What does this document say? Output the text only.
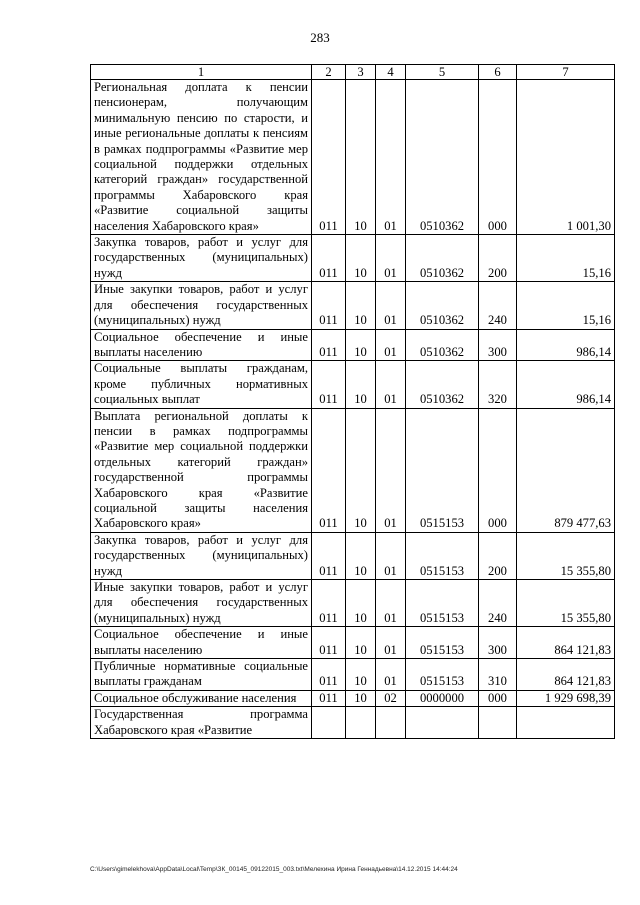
283
1	2	3	4	5	6	7
Региональная доплата к пенсии пенсионерам, получающим минимальную пенсию по старости, и иные региональные доплаты к пенсиям в рамках подпрограммы «Развитие мер социальной поддержки отдельных категорий граждан» государственной программы Хабаровского края «Развитие социальной защиты населения Хабаровского края»	011	10	01	0510362	000	1 001,30
Закупка товаров, работ и услуг для государственных (муниципальных) нужд	011	10	01	0510362	200	15,16
Иные закупки товаров, работ и услуг для обеспечения государственных (муниципальных) нужд	011	10	01	0510362	240	15,16
Социальное обеспечение и иные выплаты населению	011	10	01	0510362	300	986,14
Социальные выплаты гражданам, кроме публичных нормативных социальных выплат	011	10	01	0510362	320	986,14
Выплата региональной доплаты к пенсии в рамках подпрограммы «Развитие мер социальной поддержки отдельных категорий граждан» государственной программы Хабаровского края «Развитие социальной защиты населения Хабаровского края»	011	10	01	0515153	000	879 477,63
Закупка товаров, работ и услуг для государственных (муниципальных) нужд	011	10	01	0515153	200	15 355,80
Иные закупки товаров, работ и услуг для обеспечения государственных (муниципальных) нужд	011	10	01	0515153	240	15 355,80
Социальное обеспечение и иные выплаты населению	011	10	01	0515153	300	864 121,83
Публичные нормативные социальные выплаты гражданам	011	10	01	0515153	310	864 121,83
Социальное обслуживание населения	011	10	02	0000000	000	1 929 698,39
Государственная программа Хабаровского края «Развитие						
C:\Users\gimelekhova\AppData\Local\Temp\ЗК_00145_09122015_003.txt\Мелехина Ирина Геннадьевна\14.12.2015 14:44:24
